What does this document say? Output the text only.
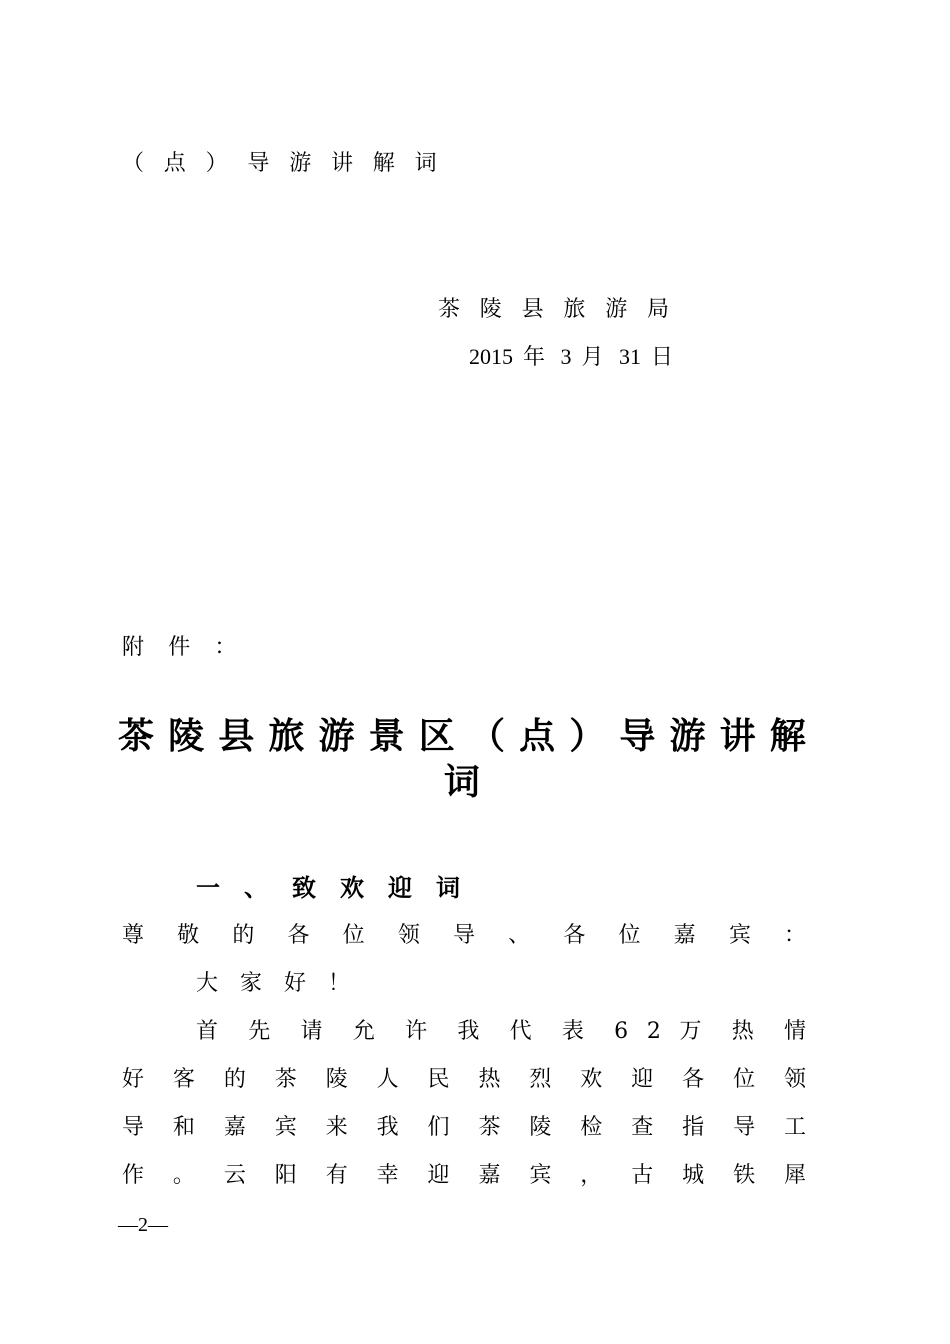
（点）导游讲解词
茶陵县旅游局
2015 年 3 月 31 日
附件：
茶陵县旅游景区（点）导游讲解词
一、致欢迎词
尊 敬 的 各 位 领 导 、 各 位 嘉 宾 ：
大家好！
首 先 请 允 许 我 代 表 6 2 万 热 情
好 客 的 茶 陵 人 民 热 烈 欢 迎 各 位 领
导 和 嘉 宾 来 我 们 茶 陵 检 查 指 导 工
作 。 云 阳 有 幸 迎 嘉 宾 ， 古 城 铁 犀
—2—
